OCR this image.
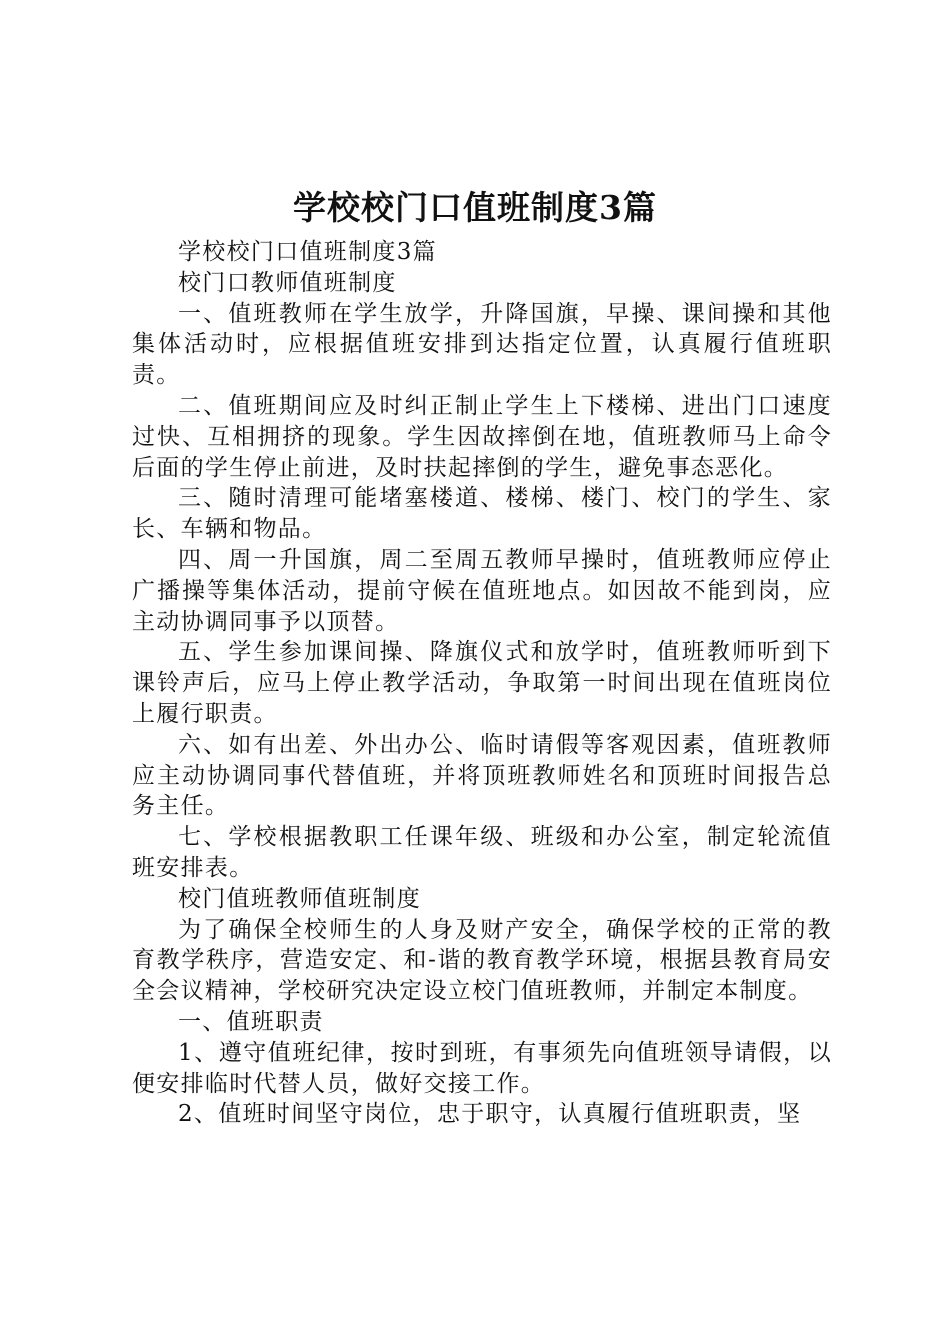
学校校门口值班制度3篇

学校校门口值班制度3篇

校门口教师值班制度

一、值班教师在学生放学，升降国旗，早操、课间操和其他集体活动时，应根据值班安排到达指定位置，认真履行值班职责。

二、值班期间应及时纠正制止学生上下楼梯、进出门口速度过快、互相拥挤的现象。学生因故摔倒在地，值班教师马上命令后面的学生停止前进，及时扶起摔倒的学生，避免事态恶化。

三、随时清理可能堵塞楼道、楼梯、楼门、校门的学生、家长、车辆和物品。

四、周一升国旗，周二至周五教师早操时，值班教师应停止广播操等集体活动，提前守候在值班地点。如因故不能到岗，应主动协调同事予以顶替。

五、学生参加课间操、降旗仪式和放学时，值班教师听到下课铃声后，应马上停止教学活动，争取第一时间出现在值班岗位上履行职责。

六、如有出差、外出办公、临时请假等客观因素，值班教师应主动协调同事代替值班，并将顶班教师姓名和顶班时间报告总务主任。

七、学校根据教职工任课年级、班级和办公室，制定轮流值班安排表。

校门值班教师值班制度

为了确保全校师生的人身及财产安全，确保学校的正常的教育教学秩序，营造安定、和-谐的教育教学环境，根据县教育局安全会议精神，学校研究决定设立校门值班教师，并制定本制度。

一、值班职责

1、遵守值班纪律，按时到班，有事须先向值班领导请假，以便安排临时代替人员，做好交接工作。

2、值班时间坚守岗位，忠于职守，认真履行值班职责，坚
